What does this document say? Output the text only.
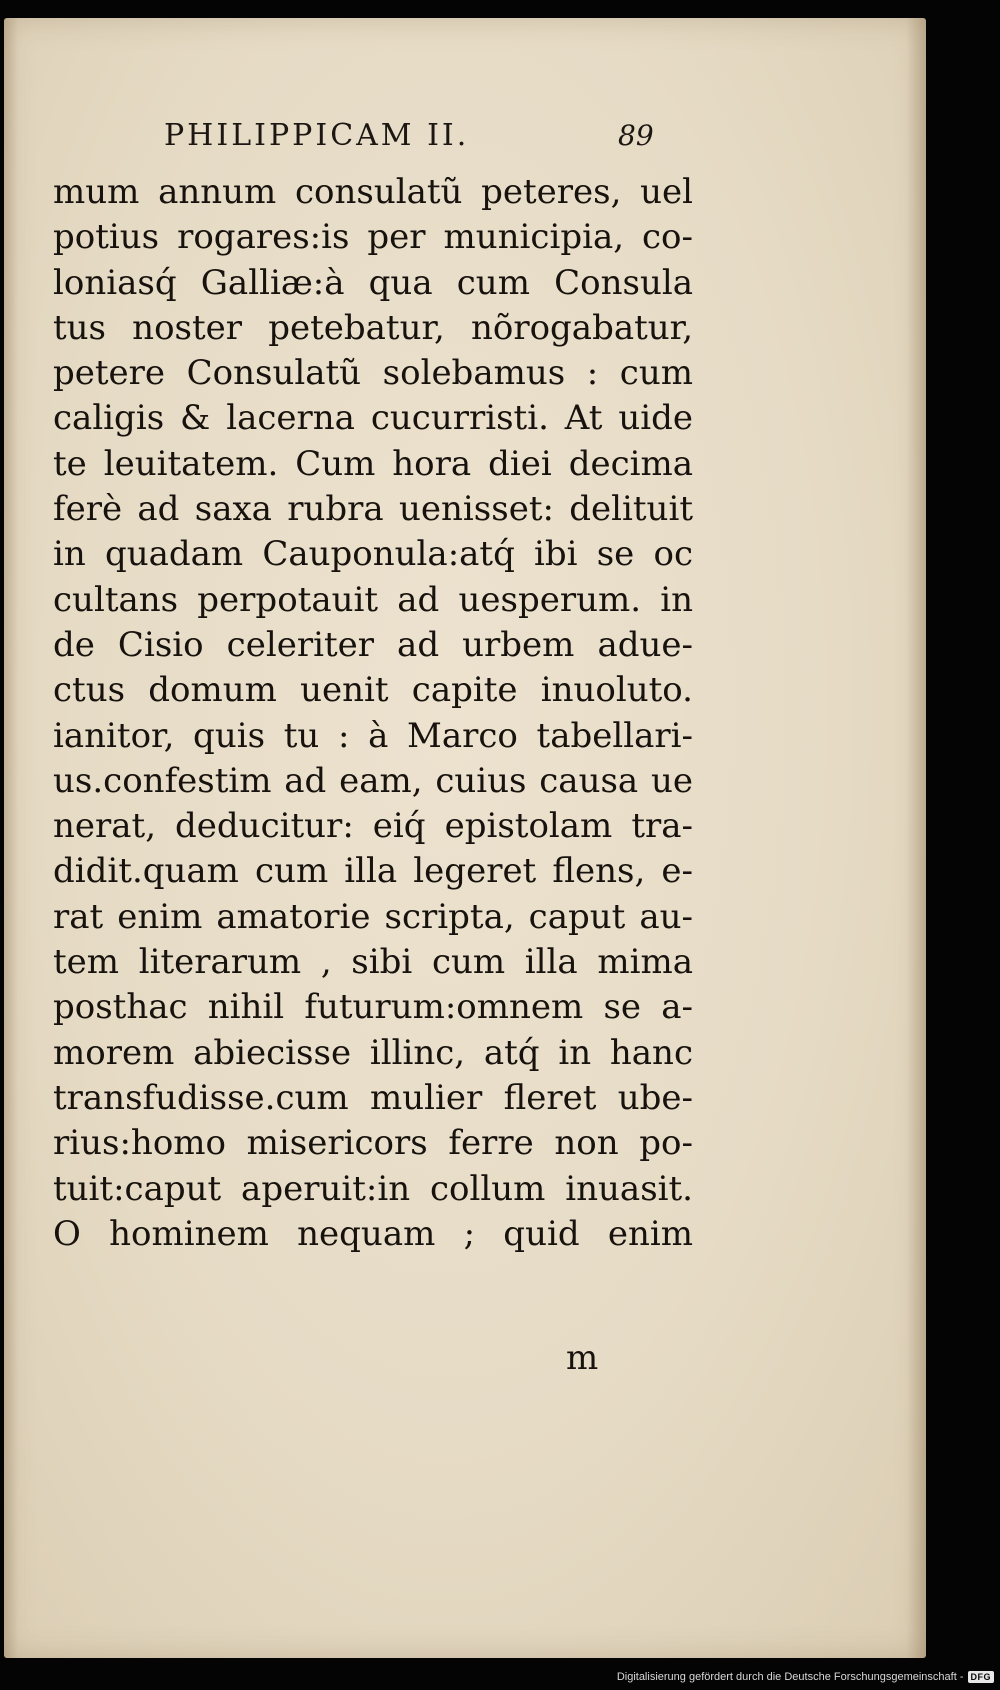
PHILIPPICAM II.	89
mum annum consulatũ peteres, uel
potius rogares:is per municipia, co-
loniasq́ Galliæ:à qua cum Consula
tus noster petebatur, nõrogabatur,
petere Consulatũ solebamus : cum
caligis & lacerna cucurristi. At uide
te leuitatem. Cum hora diei decima
ferè ad saxa rubra uenisset: delituit
in quadam Cauponula:atq́ ibi se oc
cultans perpotauit ad uesperum. in
de Cisio celeriter ad urbem adue-
ctus domum uenit capite inuoluto.
ianitor, quis tu : à Marco tabellari-
us.confestim ad eam, cuius causa ue
nerat, deducitur: eiq́ epistolam tra-
didit.quam cum illa legeret flens, e-
rat enim amatorie scripta, caput au-
tem literarum , sibi cum illa mima
posthac nihil futurum:omnem se a-
morem abiecisse illinc, atq́ in hanc
transfudisse.cum mulier fleret ube-
rius:homo misericors ferre non po-
tuit:caput aperuit:in collum inuasit.
O hominem nequam ; quid enim
m
Digitalisierung gefördert durch die Deutsche Forschungsgemeinschaft - DFG
